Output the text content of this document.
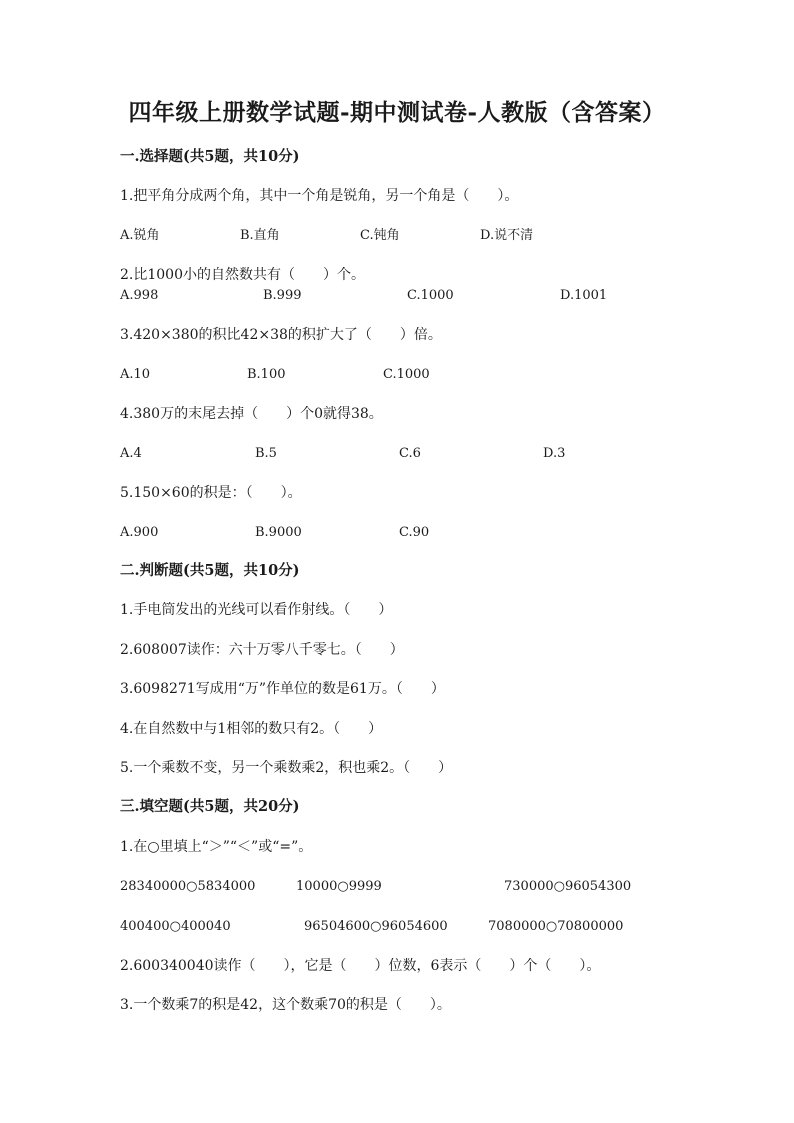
四年级上册数学试题-期中测试卷-人教版（含答案）
一.选择题(共5题，共10分)
1.把平角分成两个角，其中一个角是锐角，另一个角是（　　）。
A.锐角	B.直角	C.钝角	D.说不清
2.比1000小的自然数共有（　　）个。
A.998	B.999	C.1000	D.1001
3.420×380的积比42×38的积扩大了（　　）倍。
A.10	B.100	C.1000
4.380万的末尾去掉（　　）个0就得38。
A.4	B.5	C.6	D.3
5.150×60的积是：（　　）。
A.900	B.9000	C.90
二.判断题(共5题，共10分)
1.手电筒发出的光线可以看作射线。（　　）
2.608007读作：六十万零八千零七。（　　）
3.6098271写成用“万”作单位的数是61万。（　　）
4.在自然数中与1相邻的数只有2。（　　）
5.一个乘数不变，另一个乘数乘2，积也乘2。（　　）
三.填空题(共5题，共20分)
1.在○里填上“＞”“＜”或“=”。
28340000○5834000	10000○9999	730000○96054300
400400○400040	96504600○96054600	7080000○70800000
2.600340040读作（　　），它是（　　）位数，6表示（　　）个（　　）。
3.一个数乘7的积是42，这个数乘70的积是（　　）。
